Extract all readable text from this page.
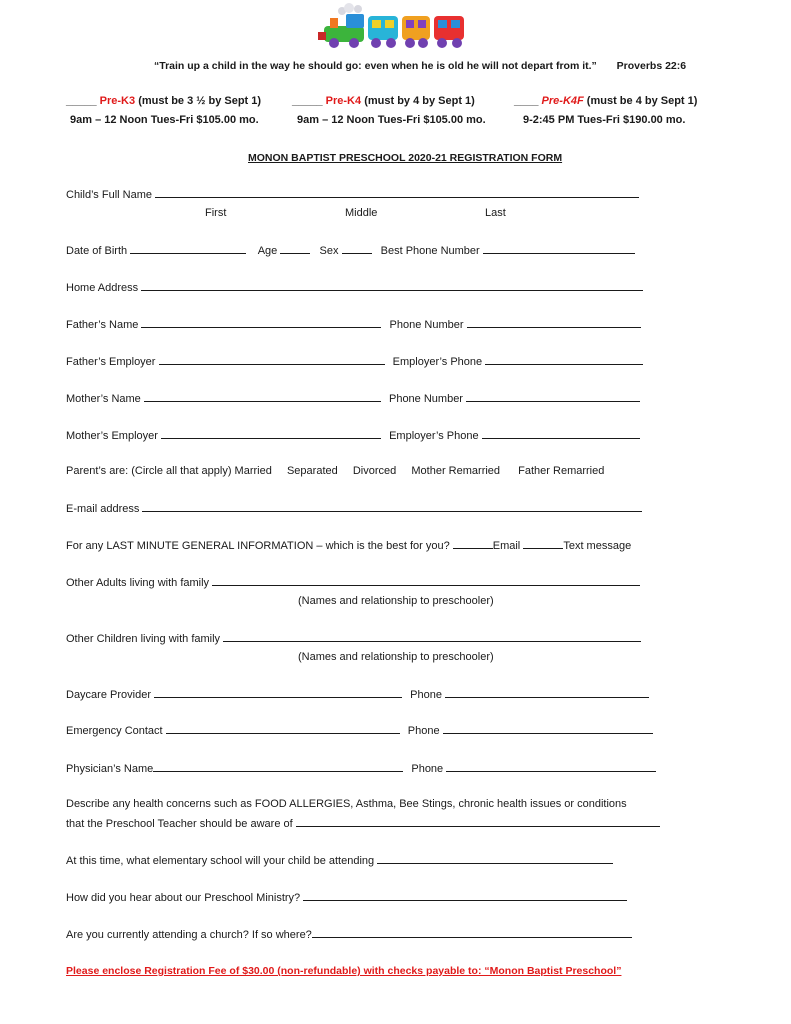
“Train up a child in the way he should go: even when he is old he will not depart from it.” Proverbs 22:6
_____ Pre-K3 (must be 3 ½ by Sept 1)
9am – 12 Noon Tues-Fri $105.00 mo.
_____ Pre-K4 (must by 4 by Sept 1)
9am – 12 Noon Tues-Fri $105.00 mo.
____ Pre-K4F (must be 4 by Sept 1)
9-2:45 PM Tues-Fri $190.00 mo.
MONON BAPTIST PRESCHOOL 2020-21 REGISTRATION FORM
Child’s Full Name
First	Middle	Last
Date of Birth	Age	Sex	Best Phone Number
Home Address
Father’s Name	Phone Number
Father’s Employer	Employer’s Phone
Mother’s Name	Phone Number
Mother’s Employer	Employer’s Phone
Parent’s are: (Circle all that apply) Married Separated Divorced Mother Remarried Father Remarried
E-mail address
For any LAST MINUTE GENERAL INFORMATION – which is the best for you?	Email	Text message
Other Adults living with family
(Names and relationship to preschooler)
Other Children living with family
(Names and relationship to preschooler)
Daycare Provider	Phone
Emergency Contact	Phone
Physician’s Name	Phone
Describe any health concerns such as FOOD ALLERGIES, Asthma, Bee Stings, chronic health issues or conditions
that the Preschool Teacher should be aware of
At this time, what elementary school will your child be attending
How did you hear about our Preschool Ministry?
Are you currently attending a church? If so where?
Please enclose Registration Fee of $30.00 (non-refundable) with checks payable to: “Monon Baptist Preschool”
